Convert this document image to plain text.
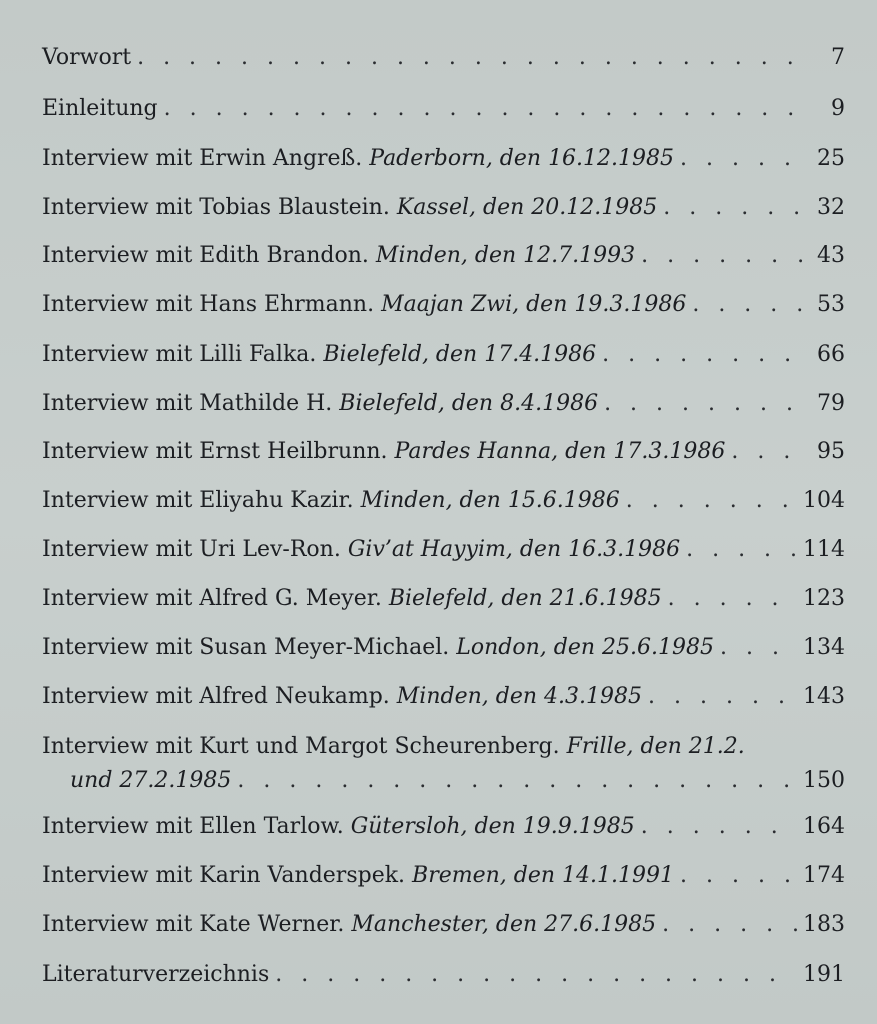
Vorwort . . .	7
Einleitung . . .	9
Interview mit Erwin Angreß. Paderborn, den 16.12.1985 . . .	25
Interview mit Tobias Blaustein. Kassel, den 20.12.1985 . . .	32
Interview mit Edith Brandon. Minden, den 12.7.1993 . . .	43
Interview mit Hans Ehrmann. Maajan Zwi, den 19.3.1986 . . .	53
Interview mit Lilli Falka. Bielefeld, den 17.4.1986 . . .	66
Interview mit Mathilde H. Bielefeld, den 8.4.1986 . . .	79
Interview mit Ernst Heilbrunn. Pardes Hanna, den 17.3.1986 . . .	95
Interview mit Eliyahu Kazir. Minden, den 15.6.1986 . . .	104
Interview mit Uri Lev-Ron. Giv’at Hayyim, den 16.3.1986 . . .	114
Interview mit Alfred G. Meyer. Bielefeld, den 21.6.1985 . . .	123
Interview mit Susan Meyer-Michael. London, den 25.6.1985 . . .	134
Interview mit Alfred Neukamp. Minden, den 4.3.1985 . . .	143
Interview mit Kurt und Margot Scheurenberg. Frille, den 21.2.
und 27.2.1985 . . .	150
Interview mit Ellen Tarlow. Gütersloh, den 19.9.1985 . . .	164
Interview mit Karin Vanderspek. Bremen, den 14.1.1991 . . .	174
Interview mit Kate Werner. Manchester, den 27.6.1985 . . .	183
Literaturverzeichnis . . .	191
